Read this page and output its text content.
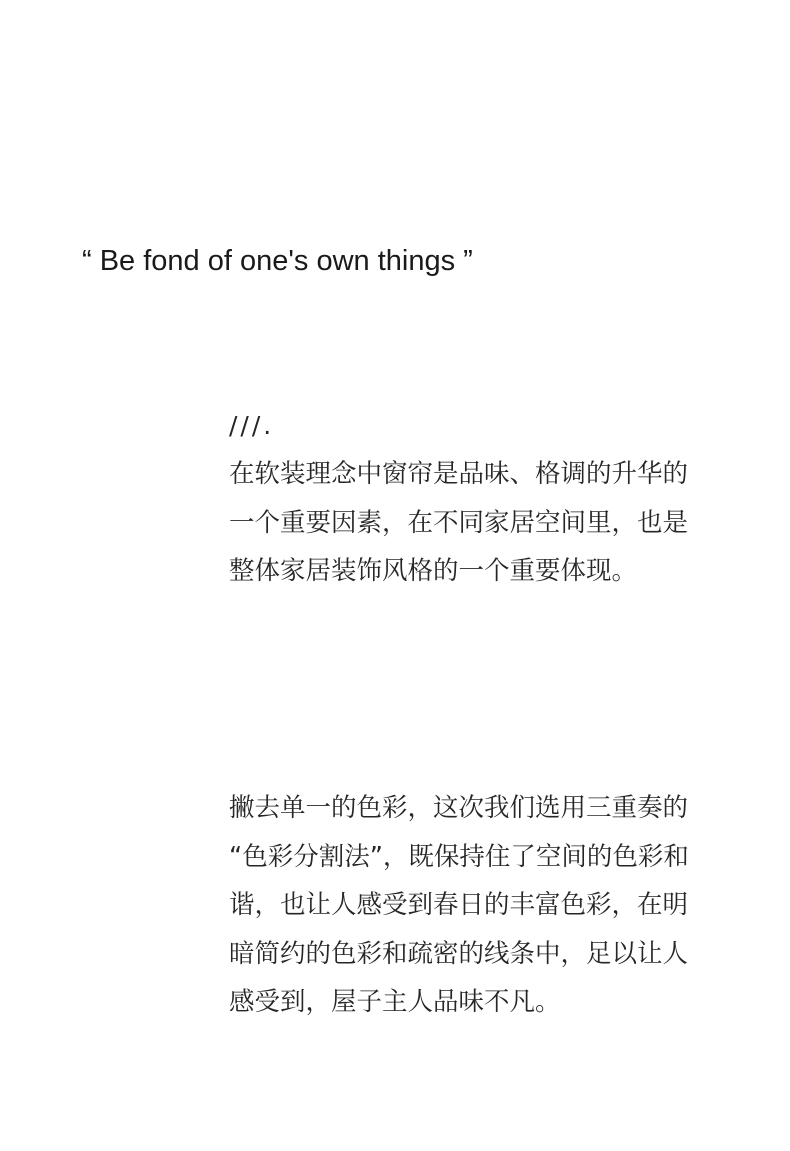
“ Be fond of one's own things ”
///.

在软装理念中窗帘是品味、格调的升华的一个重要因素，在不同家居空间里，也是整体家居装饰风格的一个重要体现。

撇去单一的色彩，这次我们选用三重奏的 “色彩分割法”，既保持住了空间的色彩和谐，也让人感受到春日的丰富色彩，在明暗简约的色彩和疏密的线条中，足以让人感受到，屋子主人品味不凡。
